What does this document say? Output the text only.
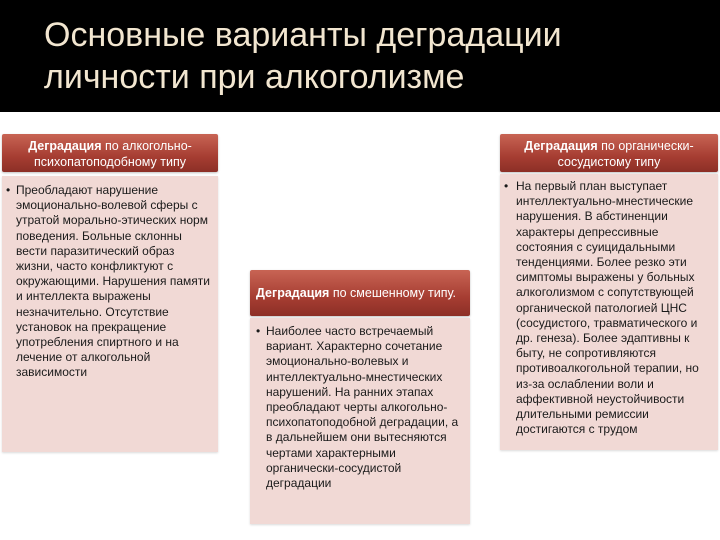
Основные варианты деградации личности при алкоголизме
Деградация по алкогольно-психопатоподобному типу
• Преобладают нарушение эмоционально-волевой сферы с утратой морально-этических норм поведения. Больные склонны вести паразитический образ жизни, часто конфликтуют с окружающими. Нарушения памяти и интеллекта выражены незначительно. Отсутствие установок на прекращение употребления спиртного и на лечение от алкогольной зависимости
Деградация по смешенному типу.
• Наиболее часто встречаемый вариант. Характерно сочетание эмоционально-волевых и интеллектуально-мнестических нарушений. На ранних этапах преобладают черты алкогольно-психопатоподобной деградации, а в дальнейшем они вытесняются чертами характерными органически-сосудистой деградации
Деградация по органически-сосудистому типу
• На первый план выступает интеллектуально-мнестические нарушения. В абстиненции характеры депрессивные состояния с суицидальными тенденциями. Более резко эти симптомы выражены у больных алкоголизмом с сопутствующей органической патологией ЦНС (сосудистого, травматического и др. генеза). Более эдаптивны к быту, не сопротивляются противоалкогольной терапии, но из-за ослаблении воли и аффективной неустойчивости длительными ремиссии достигаются с трудом
